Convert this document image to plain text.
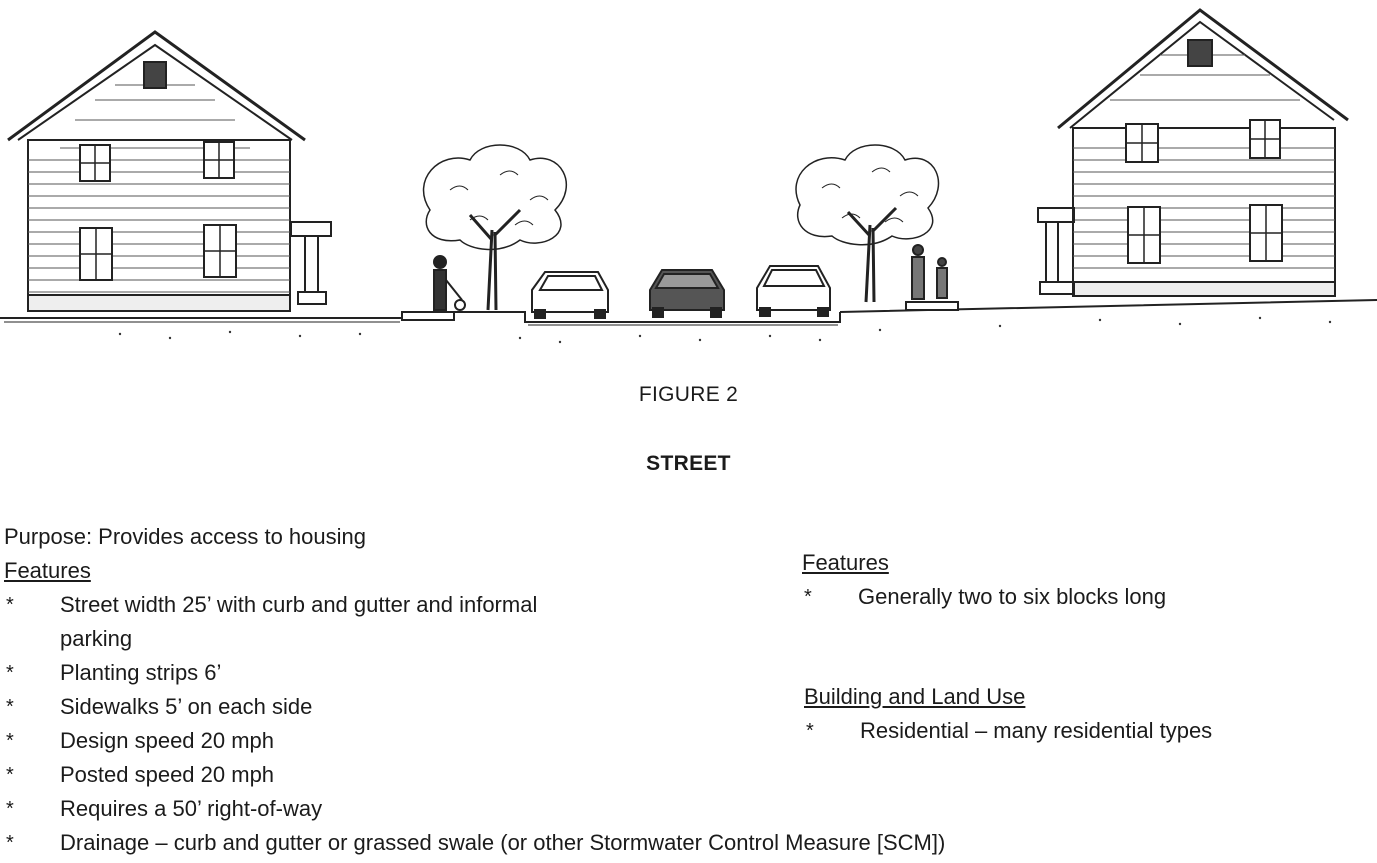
FIGURE 2
STREET
Purpose: Provides access to housing
Features
* Street width 25’ with curb and gutter and informal parking
* Planting strips 6’
* Sidewalks 5’ on each side
* Design speed 20 mph
* Posted speed 20 mph
* Requires a 50’ right-of-way
* Drainage – curb and gutter or grassed swale (or other Stormwater Control Measure [SCM])
Features
* Generally two to six blocks long
Building and Land Use
* Residential – many residential types
